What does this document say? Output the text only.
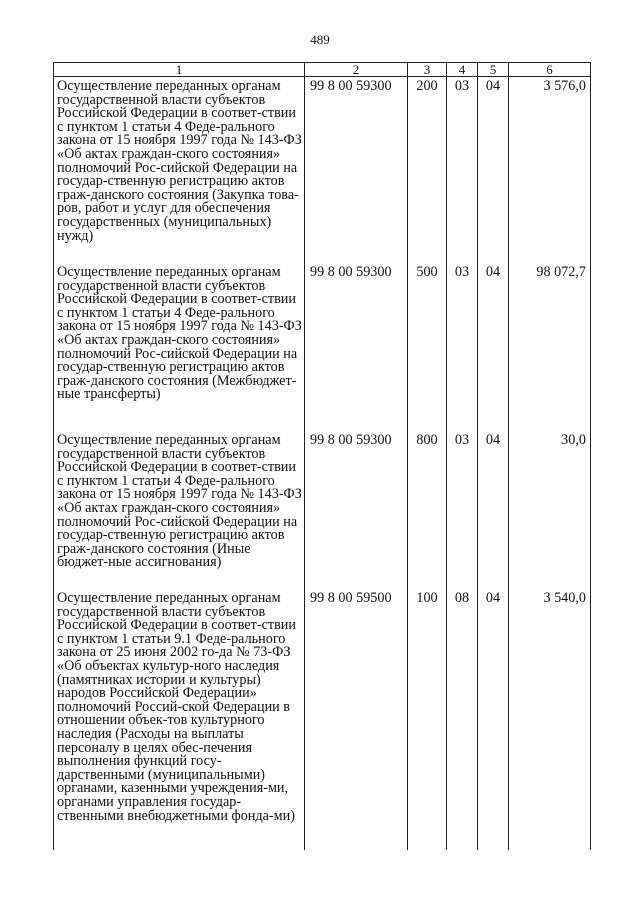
489
1	2	3	4	5	6
Осуществление переданных органам государственной власти субъектов Российской Федерации в соответ-ствии с пунктом 1 статьи 4 Феде-рального закона от 15 ноября 1997 года № 143-ФЗ «Об актах граждан-ского состояния» полномочий Рос-сийской Федерации на государ-ственную регистрацию актов граж-данского состояния (Закупка това-ров, работ и услуг для обеспечения государственных (муниципальных) нужд)	99 8 00 59300	200	03	04	3 576,0
Осуществление переданных органам государственной власти субъектов Российской Федерации в соответ-ствии с пунктом 1 статьи 4 Феде-рального закона от 15 ноября 1997 года № 143-ФЗ «Об актах граждан-ского состояния» полномочий Рос-сийской Федерации на государ-ственную регистрацию актов граж-данского состояния (Межбюджет-ные трансферты)	99 8 00 59300	500	03	04	98 072,7
Осуществление переданных органам государственной власти субъектов Российской Федерации в соответ-ствии с пунктом 1 статьи 4 Феде-рального закона от 15 ноября 1997 года № 143-ФЗ «Об актах граждан-ского состояния» полномочий Рос-сийской Федерации на государ-ственную регистрацию актов граж-данского состояния (Иные бюджет-ные ассигнования)	99 8 00 59300	800	03	04	30,0
Осуществление переданных органам государственной власти субъектов Российской Федерации в соответ-ствии с пунктом 1 статьи 9.1 Феде-рального закона от 25 июня 2002 го-да № 73-ФЗ «Об объектах культур-ного наследия (памятниках истории и культуры) народов Российской Федерации» полномочий Россий-ской Федерации в отношении объек-тов культурного наследия (Расходы на выплаты персоналу в целях обес-печения выполнения функций госу-дарственными (муниципальными) органами, казенными учреждения-ми, органами управления государ-ственными внебюджетными фонда-ми)	99 8 00 59500	100	08	04	3 540,0
